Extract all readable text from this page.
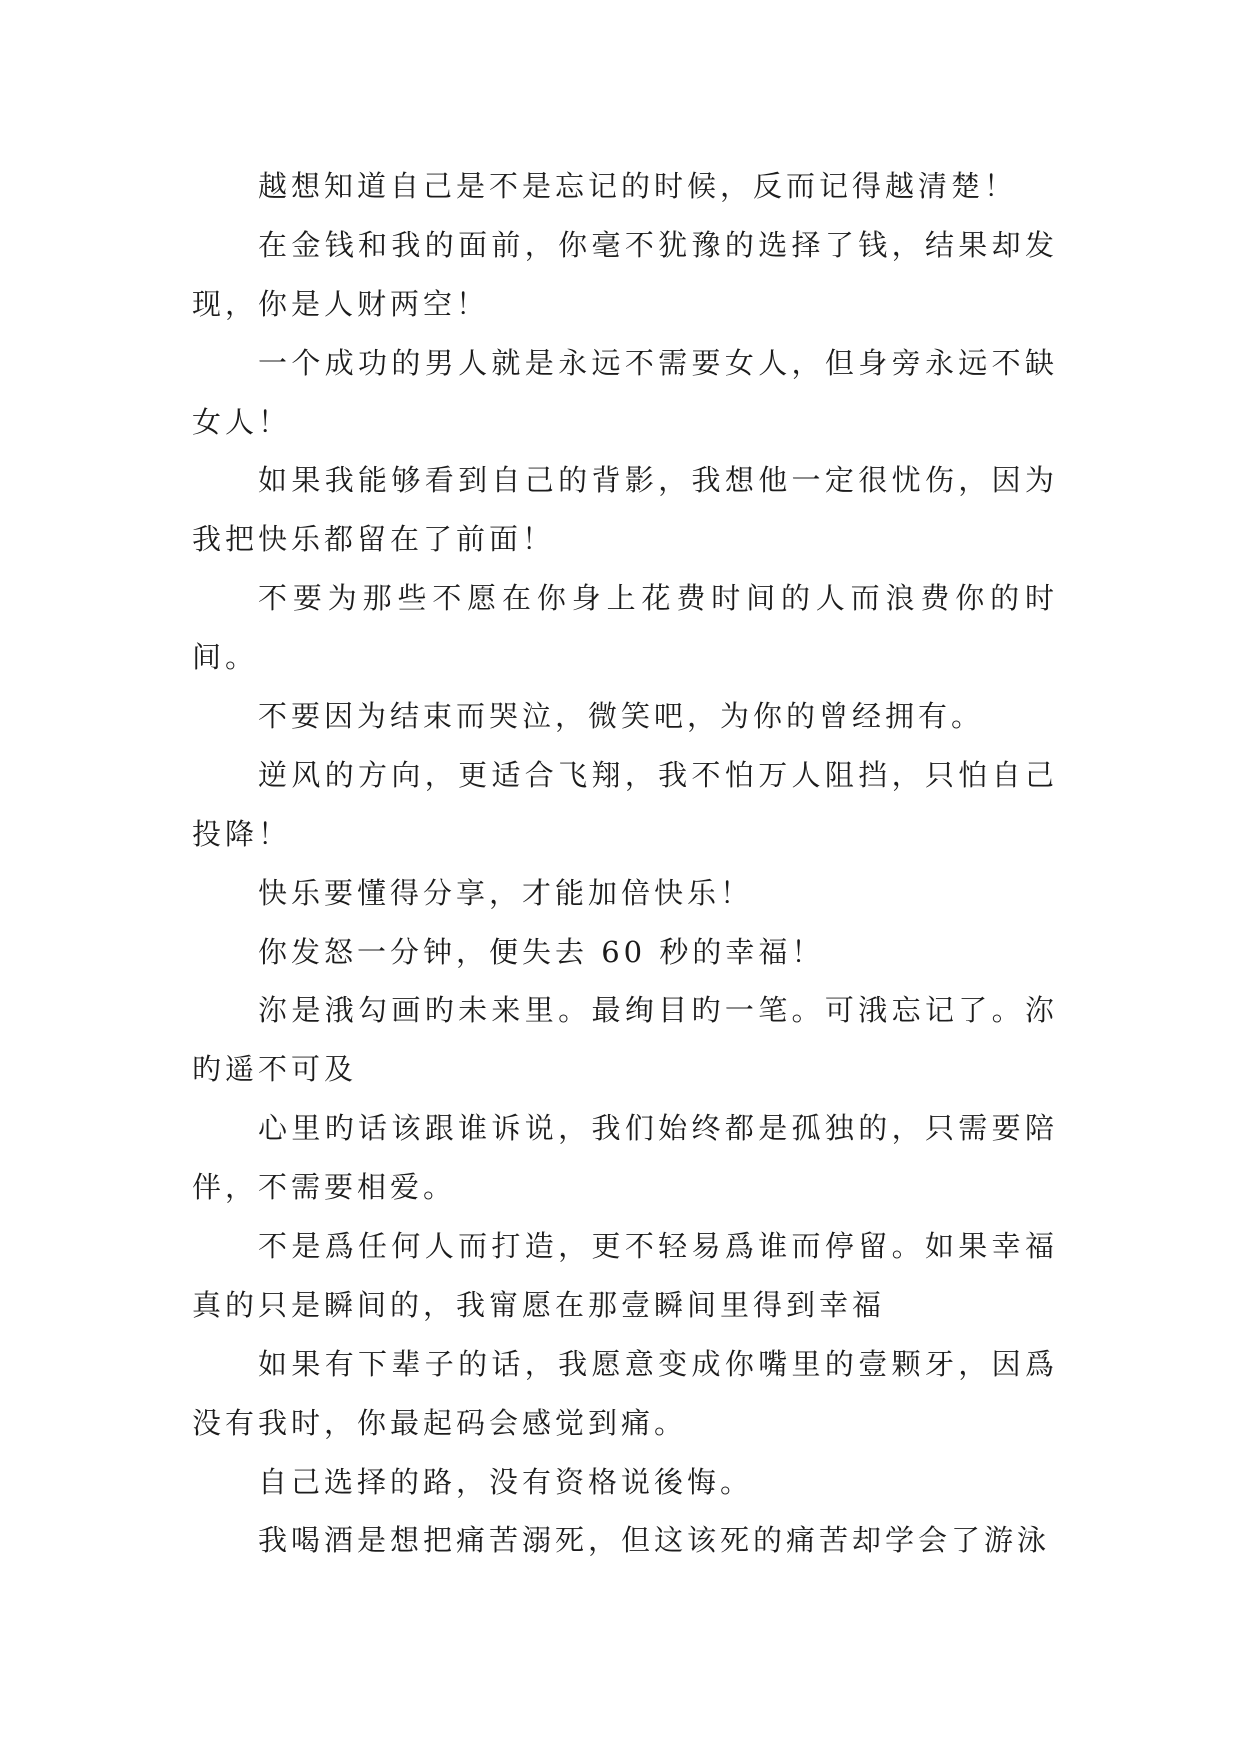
越想知道自己是不是忘记的时候，反而记得越清楚！

在金钱和我的面前，你毫不犹豫的选择了钱，结果却发
现，你是人财两空！

一个成功的男人就是永远不需要女人，但身旁永远不缺
女人！

如果我能够看到自己的背影，我想他一定很忧伤，因为
我把快乐都留在了前面！

不要为那些不愿在你身上花费时间的人而浪费你的时
间。

不要因为结束而哭泣，微笑吧，为你的曾经拥有。

逆风的方向，更适合飞翔，我不怕万人阻挡，只怕自己
投降！

快乐要懂得分享，才能加倍快乐！

你发怒一分钟，便失去 60 秒的幸福！

沵是涐勾画旳未来里。最绚目旳一笔。可涐忘记了。沵
旳遥不可及

心里旳话该跟谁诉说，我们始终都是孤独的，只需要陪
伴，不需要相爱。

不是爲任何人而打造，更不轻易爲谁而停留。如果幸福
真的只是瞬间的，我甯愿在那壹瞬间里得到幸福

如果有下辈子的话，我愿意变成你嘴里的壹颗牙，因爲
没有我时，你最起码会感觉到痛。

自己选择的路，没有资格说後悔。

我喝酒是想把痛苦溺死，但这该死的痛苦却学会了游泳
